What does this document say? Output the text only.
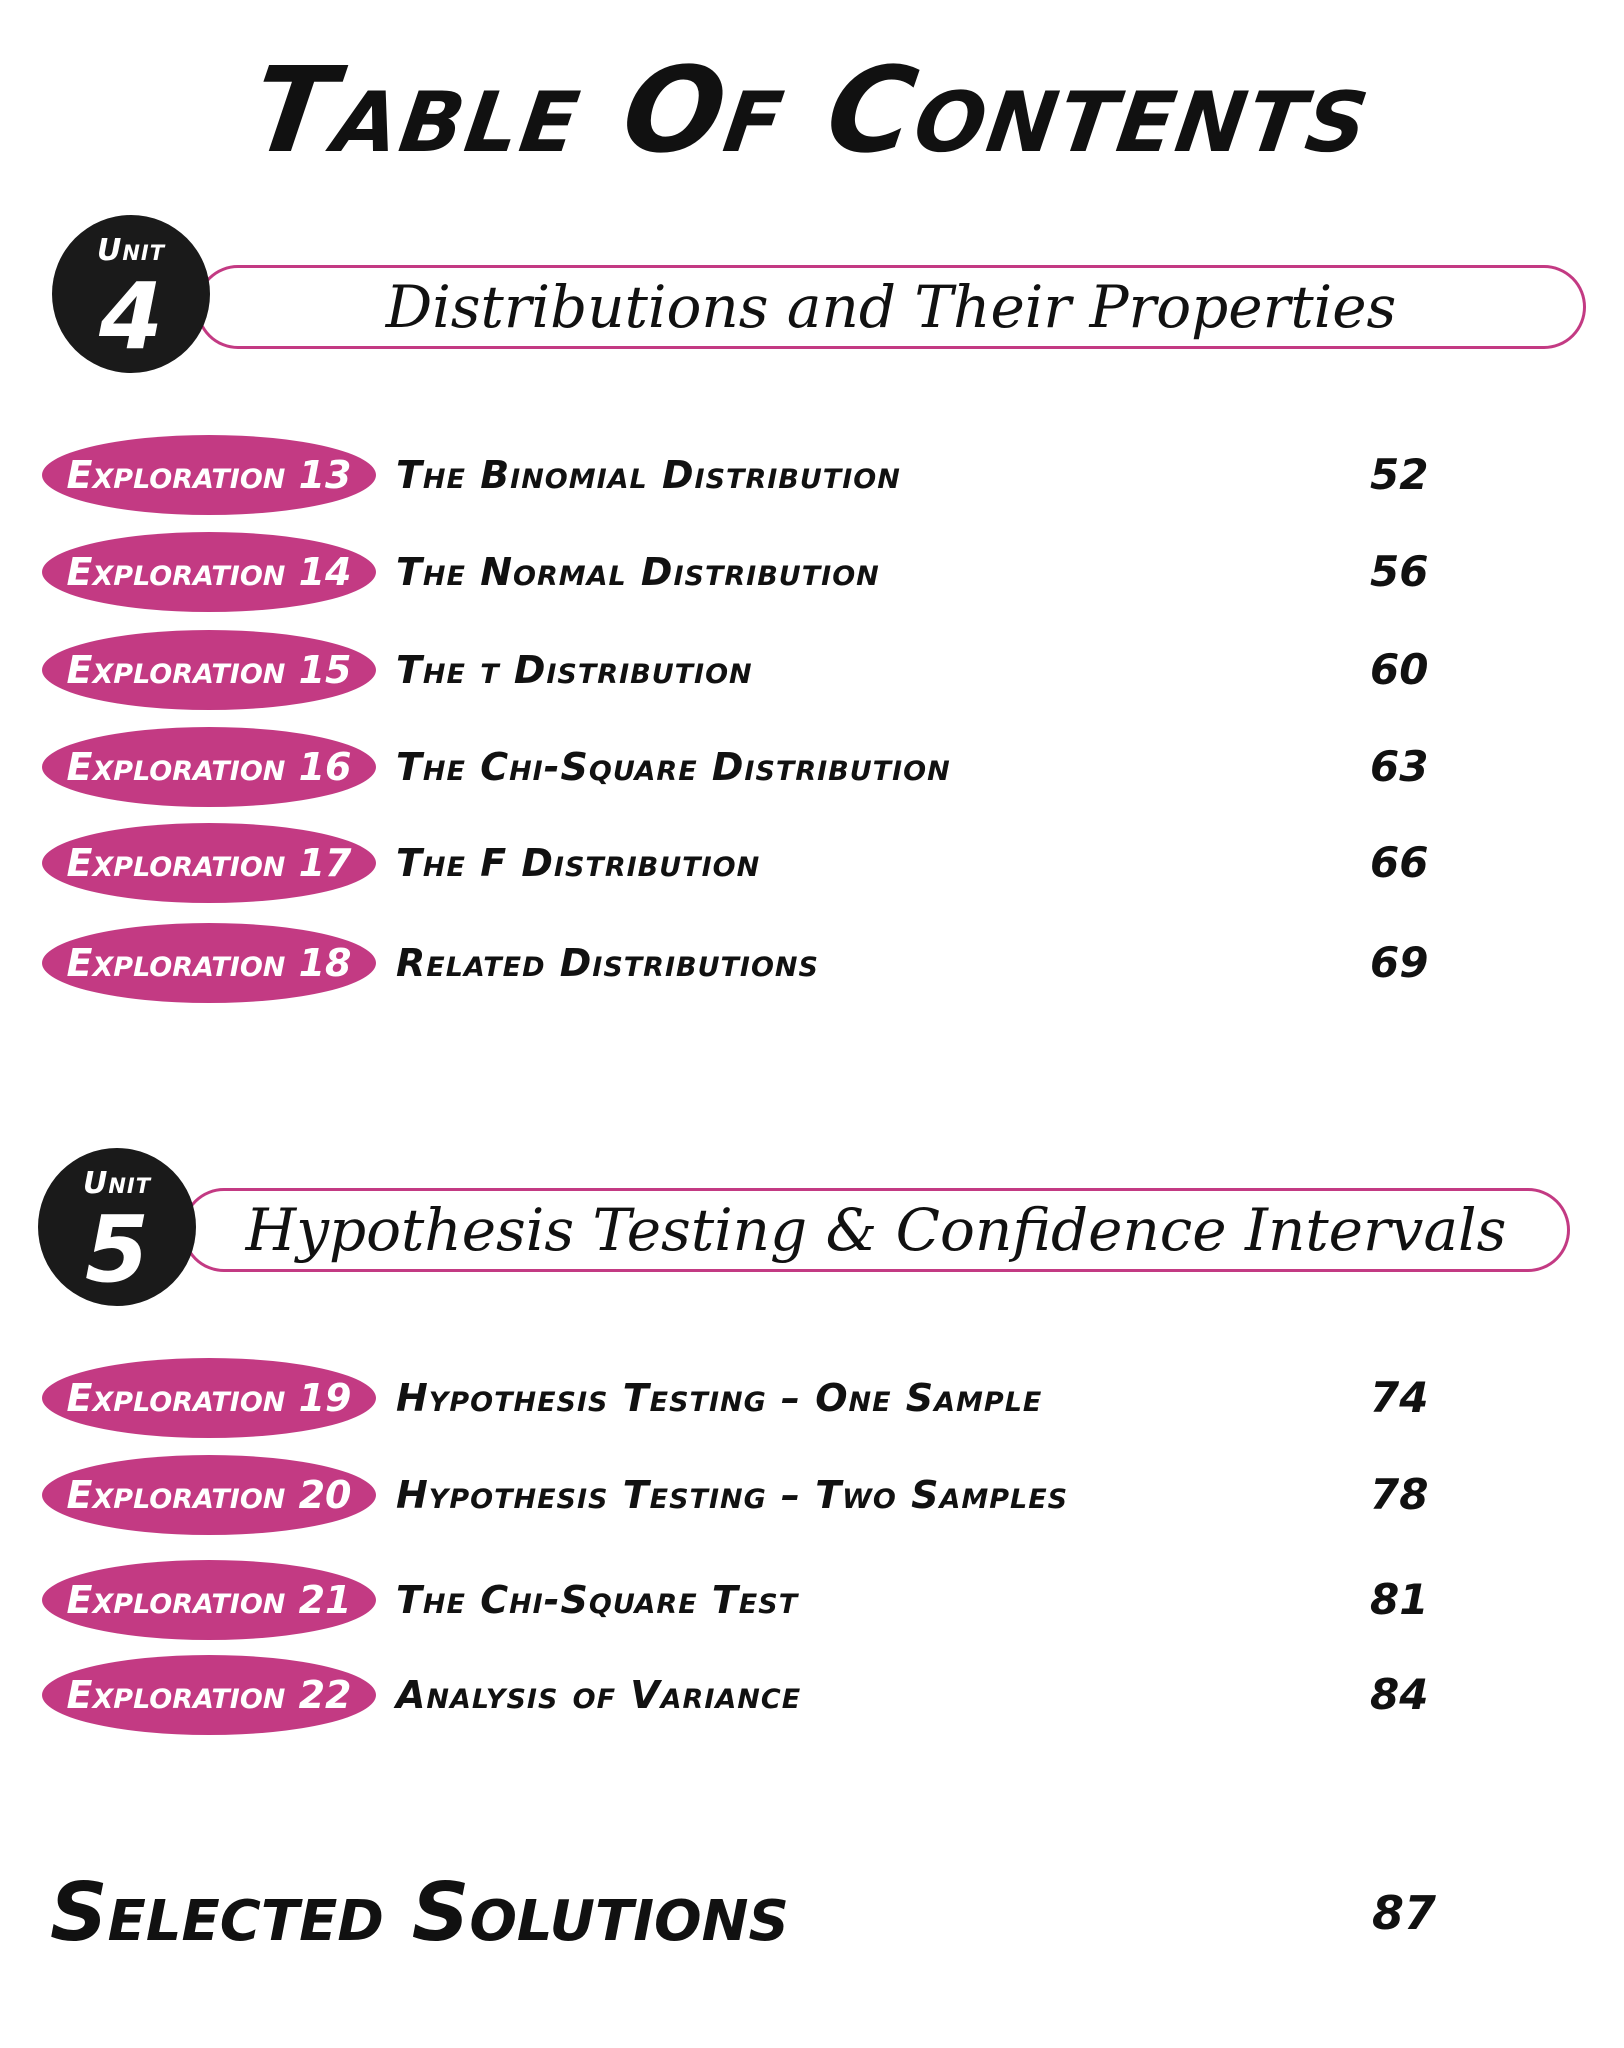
Table Of Contents
Distributions and Their Properties
Unit
4
Exploration 13	The Binomial Distribution	52
Exploration 14	The Normal Distribution	56
Exploration 15	The t Distribution	60
Exploration 16	The Chi-Square Distribution	63
Exploration 17	The F Distribution	66
Exploration 18	Related Distributions	69
Hypothesis Testing & Confidence Intervals
Unit
5
Exploration 19	Hypothesis Testing – One Sample	74
Exploration 20	Hypothesis Testing – Two Samples	78
Exploration 21	The Chi-Square Test	81
Exploration 22	Analysis of Variance	84
Selected Solutions	87
